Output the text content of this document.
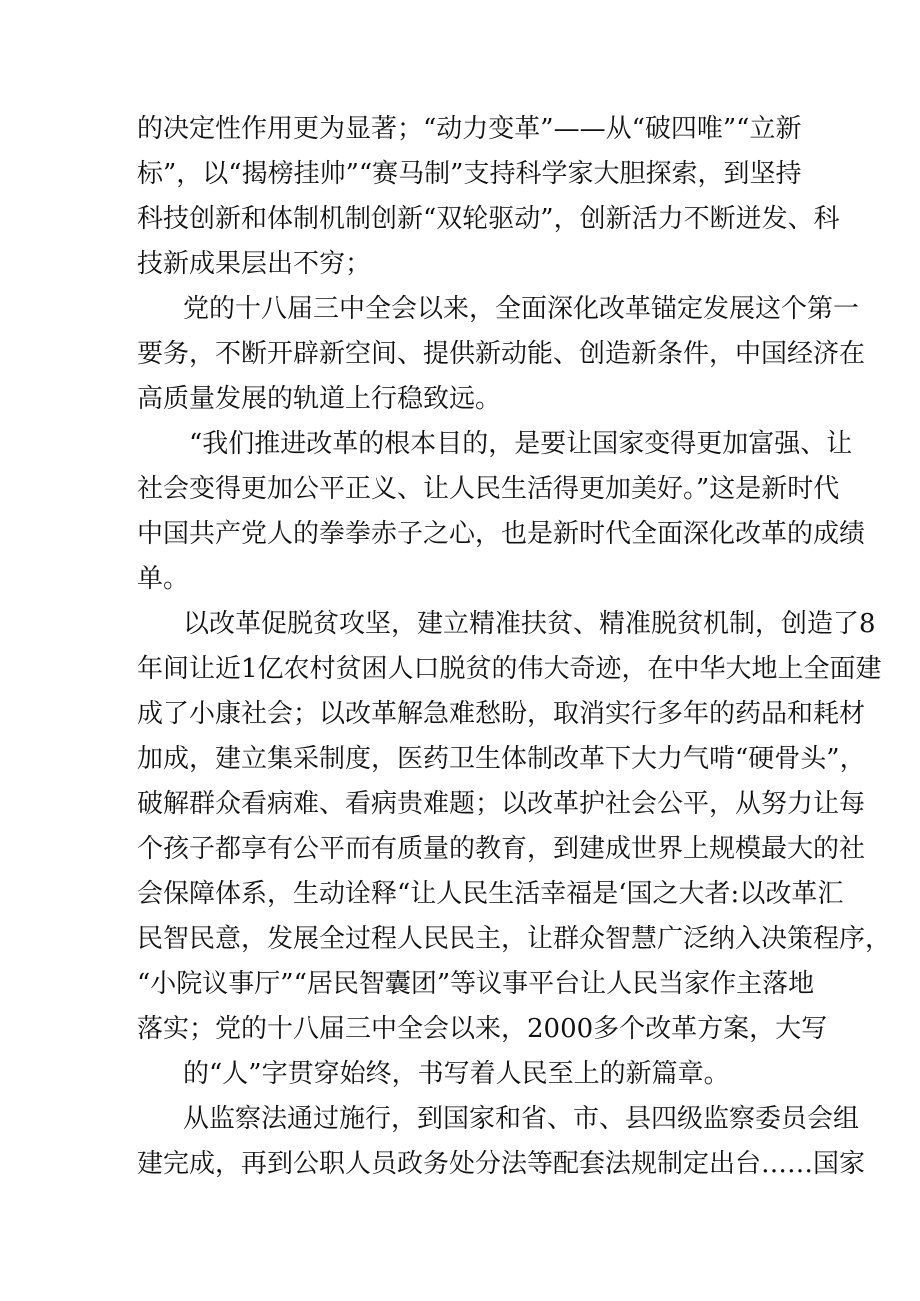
的决定性作用更为显著；“动力变革”——从“破四唯”“立新
标”，以“揭榜挂帅”“赛马制”支持科学家大胆探索，到坚持
科技创新和体制机制创新“双轮驱动”，创新活力不断迸发、科
技新成果层出不穷；
党的十八届三中全会以来，全面深化改革锚定发展这个第一
要务，不断开辟新空间、提供新动能、创造新条件，中国经济在
高质量发展的轨道上行稳致远。
“我们推进改革的根本目的，是要让国家变得更加富强、让
社会变得更加公平正义、让人民生活得更加美好。”这是新时代
中国共产党人的拳拳赤子之心，也是新时代全面深化改革的成绩
单。
以改革促脱贫攻坚，建立精准扶贫、精准脱贫机制，创造了8
年间让近1亿农村贫困人口脱贫的伟大奇迹，在中华大地上全面建
成了小康社会；以改革解急难愁盼，取消实行多年的药品和耗材
加成，建立集采制度，医药卫生体制改革下大力气啃“硬骨头”，
破解群众看病难、看病贵难题；以改革护社会公平，从努力让每
个孩子都享有公平而有质量的教育，到建成世界上规模最大的社
会保障体系，生动诠释“让人民生活幸福是‘国之大者:以改革汇
民智民意，发展全过程人民民主，让群众智慧广泛纳入决策程序，
“小院议事厅”“居民智囊团”等议事平台让人民当家作主落地
落实；党的十八届三中全会以来，2000多个改革方案，大写
的“人”字贯穿始终，书写着人民至上的新篇章。
从监察法通过施行，到国家和省、市、县四级监察委员会组
建完成，再到公职人员政务处分法等配套法规制定出台……国家
